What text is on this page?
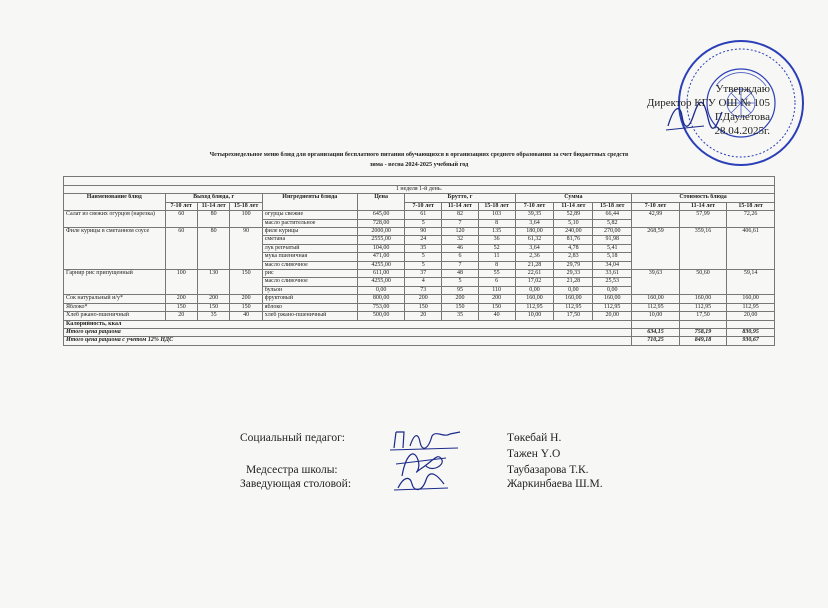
Утверждаю
Директор КГУ ОШ № 105
Г.Даулетова
28.04.2025г.
Четырехнедельное меню блюд для организации бесплатного питания обучающихся в организациях среднего образования за счет бюджетных средств
зима - весна 2024-2025 учебный год

1 неделя 1-й день.														
Наименование блюд	Выход блюда, г			Ингредиенты блюда	Цена	Брутто, г			Сумма			Стоимость блюда		
	7-10 лет	11-14 лет	15-18 лет			7-10 лет	11-14 лет	15-18 лет	7-10 лет	11-14 лет	15-18 лет	7-10 лет	11-14 лет	15-18 лет
Салат из свежих огурцов (нарезка)	60	80	100	огурцы свежие	645,00	61	82	103	39,35	52,89	66,44	42,99	57,99	72,26
				масло растительное	728,00	5	7	8	3,64	5,10	5,82			
Филе курицы в сметанном соусе	60	80	90	филе курицы	2000,00	90	120	135	180,00	240,00	270,00	268,59	359,16	406,61
				сметана	2555,00	24	32	36	61,32	81,76	91,98			
				лук репчатый	104,00	35	46	52	3,64	4,78	5,41			
				мука пшеничная	471,00	5	6	11	2,36	2,83	5,18			
				масло сливочное	4255,00	5	7	8	21,28	29,79	34,04			
Гарнир рис припущенный	100	130	150	рис	611,00	37	48	55	22,61	29,33	33,61	39,63	50,60	59,14
				масло сливочное	4255,00	4	5	6	17,02	21,28	25,53			
				бульон	0,00	73	95	110	0,00	0,00	0,00			
Сок натуральный и/у*	200	200	200	фруктовый	800,00	200	200	200	160,00	160,00	160,00	160,00	160,00	160,00
Яблоко*	150	150	150	яблоко	753,00	150	150	150	112,95	112,95	112,95	112,95	112,95	112,95
Хлеб ржано-пшеничный	20	35	40	хлеб ржано-пшеничный	500,00	20	35	40	10,00	17,50	20,00	10,00	17,50	20,00
Калорийность, ккал														
Итого цена рациона												634,15	758,19	830,95
Итого цена рациона с учетом 12% НДС												710,25	849,18	930,67
Социальный педагог:	Төкебай Н.
Тажен Ү.О
Медсестра школы:	Таубазарова Т.К.
Заведующая столовой:	Жаркинбаева Ш.М.
